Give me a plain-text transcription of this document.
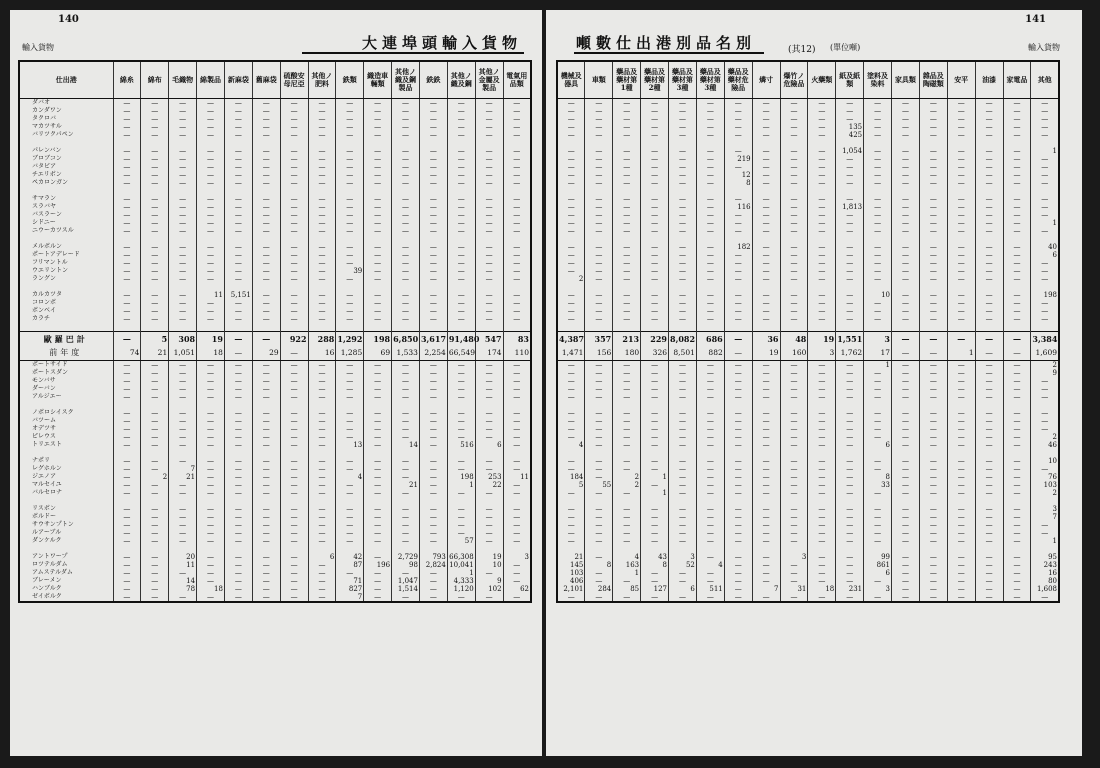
140
輸入貨物	大連埠頭輸入貨物
仕出港	綿糸	綿布	毛織物	綿製品	新麻袋	舊麻袋	硫酸安母尼亞	其他ノ肥料	鉄類	織造車輛類	其他ノ織及鋼製品	鉄鉄	其他ノ織及鋼	其他ノ金屬及製品	電氣用品類
ダバオ	—	—	—	—	—	—	—	—	—	—	—	—	—	—	—
カンダワン	—	—	—	—	—	—	—	—	—	—	—	—	—	—	—
タクロバ	—	—	—	—	—	—	—	—	—	—	—	—	—	—	—
マカツサル	—	—	—	—	—	—	—	—	—	—	—	—	—	—	—
バリツクパペン	—	—	—	—	—	—	—	—	—	—	—	—	—	—	—

パレンバン	—	—	—	—	—	—	—	—	—	—	—	—	—	—	—
ブロブコン	—	—	—	—	—	—	—	—	—	—	—	—	—	—	—
バタビア	—	—	—	—	—	—	—	—	—	—	—	—	—	—	—
チエリボン	—	—	—	—	—	—	—	—	—	—	—	—	—	—	—
ペカロンガン	—	—	—	—	—	—	—	—	—	—	—	—	—	—	—

サマラン	—	—	—	—	—	—	—	—	—	—	—	—	—	—	—
スラバヤ	—	—	—	—	—	—	—	—	—	—	—	—	—	—	—
バスラーン	—	—	—	—	—	—	—	—	—	—	—	—	—	—	—
シドニー	—	—	—	—	—	—	—	—	—	—	—	—	—	—	—
ニウーカツスル	—	—	—	—	—	—	—	—	—	—	—	—	—	—	—

メルボルン	—	—	—	—	—	—	—	—	—	—	—	—	—	—	—
ポートアデレード	—	—	—	—	—	—	—	—	—	—	—	—	—	—	—
フリマントル	—	—	—	—	—	—	—	—	—	—	—	—	—	—	—
ウエリントン	—	—	—	—	—	—	—	—	39	—	—	—	—	—	—
ラングン	—	—	—	—	—	—	—	—	—	—	—	—	—	—	—

カルカツタ	—	—	—	11	5,151	—	—	—	—	—	—	—	—	—	—
コロンボ	—	—	—	—	—	—	—	—	—	—	—	—	—	—	—
ボンベイ	—	—	—	—	—	—	—	—	—	—	—	—	—	—	—
カラチ	—	—	—	—	—	—	—	—	—	—	—	—	—	—	—

歐羅巴計	—	5	308	19	—	—	922	288	1,292	198	6,850	3,617	91,480	547	83
前年度	74	21	1,051	18	—	29	—	16	1,285	69	1,533	2,254	66,549	174	110
ポートサイド	—	—	—	—	—	—	—	—	—	—	—	—	—	—	—
ポートスダン	—	—	—	—	—	—	—	—	—	—	—	—	—	—	—
モンバサ	—	—	—	—	—	—	—	—	—	—	—	—	—	—	—
ダーバン	—	—	—	—	—	—	—	—	—	—	—	—	—	—	—
アルジエー	—	—	—	—	—	—	—	—	—	—	—	—	—	—	—

ノボロシイスク	—	—	—	—	—	—	—	—	—	—	—	—	—	—	—
バツーム	—	—	—	—	—	—	—	—	—	—	—	—	—	—	—
オデツサ	—	—	—	—	—	—	—	—	—	—	—	—	—	—	—
ピレウス	—	—	—	—	—	—	—	—	—	—	—	—	—	—	—
トリエスト	—	—	—	—	—	—	—	—	13	—	14	—	516	6	—

ナポリ	—	—	—	—	—	—	—	—	—	—	—	—	—	—	—
レグホルン	—	—	7	—	—	—	—	—	—	—	—	—	—	—	—
ジエノア	—	2	21	—	—	—	—	—	4	—	—	—	198	253	11
マルセイユ	—	—	—	—	—	—	—	—	—	—	21	—	1	22	—
バルセロナ	—	—	—	—	—	—	—	—	—	—	—	—	—	—	—

リスボン	—	—	—	—	—	—	—	—	—	—	—	—	—	—	—
ボルドー	—	—	—	—	—	—	—	—	—	—	—	—	—	—	—
サウサンプトン	—	—	—	—	—	—	—	—	—	—	—	—	—	—	—
ルアーブル	—	—	—	—	—	—	—	—	—	—	—	—	—	—	—
ダンケルク	—	—	—	—	—	—	—	—	—	—	—	—	57	—	—

アントワープ	—	—	20	—	—	—	—	6	42	—	2,729	793	66,308	19	3
ロツテルダム	—	—	11	—	—	—	—	—	87	196	98	2,824	10,041	10	—
アムステルダム	—	—	—	—	—	—	—	—	—	—	—	—	1	—	—
ブレーメン	—	—	14	—	—	—	—	—	71	—	1,047	—	4,333	9	—
ハンブルク	—	—	78	18	—	—	—	—	827	—	1,514	—	1,120	102	62
ゼイボルク	—	—	—	—	—	—	—	—	7	—	—	—	—	—	—
141
輸入貨物
噸數仕出港別品名別	(其12) (單位噸)
機械及器具	車類	藥品及藥材第1種	藥品及藥材第2種	藥品及藥材第3種	藥品及藥材第3種	藥品及藥材危險品	燐寸	爆竹ノ危險品	火藥類	紙及紙類	塗料及染料	家具類	雜品及陶磁類	安平	油漆	家電品	其他
—	—	—	—	—	—	—	—	—	—	—	—	—	—	—	—	—	—
—	—	—	—	—	—	—	—	—	—	—	—	—	—	—	—	—	—
—	—	—	—	—	—	—	—	—	—	—	—	—	—	—	—	—	—
—	—	—	—	—	—	—	—	—	—	135	—	—	—	—	—	—	—
—	—	—	—	—	—	—	—	—	—	425	—	—	—	—	—	—	—

—	—	—	—	—	—	—	—	—	—	1,054	—	—	—	—	—	—	1
—	—	—	—	—	—	219	—	—	—	—	—	—	—	—	—	—	—
—	—	—	—	—	—	—	—	—	—	—	—	—	—	—	—	—	—
—	—	—	—	—	—	12	—	—	—	—	—	—	—	—	—	—	—
—	—	—	—	—	—	8	—	—	—	—	—	—	—	—	—	—	—

—	—	—	—	—	—	—	—	—	—	—	—	—	—	—	—	—	—
—	—	—	—	—	—	116	—	—	—	1,813	—	—	—	—	—	—	—
—	—	—	—	—	—	—	—	—	—	—	—	—	—	—	—	—	—
—	—	—	—	—	—	—	—	—	—	—	—	—	—	—	—	—	1
—	—	—	—	—	—	—	—	—	—	—	—	—	—	—	—	—	—

—	—	—	—	—	—	182	—	—	—	—	—	—	—	—	—	—	40
—	—	—	—	—	—	—	—	—	—	—	—	—	—	—	—	—	6
—	—	—	—	—	—	—	—	—	—	—	—	—	—	—	—	—	—
—	—	—	—	—	—	—	—	—	—	—	—	—	—	—	—	—	—
2	—	—	—	—	—	—	—	—	—	—	—	—	—	—	—	—	—

—	—	—	—	—	—	—	—	—	—	—	10	—	—	—	—	—	198
—	—	—	—	—	—	—	—	—	—	—	—	—	—	—	—	—	—
—	—	—	—	—	—	—	—	—	—	—	—	—	—	—	—	—	—
—	—	—	—	—	—	—	—	—	—	—	—	—	—	—	—	—	—

4,387	357	213	229	8,082	686	—	36	48	19	1,551	3	—	—	—	—	—	3,384
1,471	156	180	326	8,501	882	—	19	160	3	1,762	17	—	—	1	—	—	1,609
—	—	—	—	—	—	—	—	—	—	—	1	—	—	—	—	—	2
—	—	—	—	—	—	—	—	—	—	—	—	—	—	—	—	—	9
—	—	—	—	—	—	—	—	—	—	—	—	—	—	—	—	—	—
—	—	—	—	—	—	—	—	—	—	—	—	—	—	—	—	—	—
—	—	—	—	—	—	—	—	—	—	—	—	—	—	—	—	—	—

—	—	—	—	—	—	—	—	—	—	—	—	—	—	—	—	—	—
—	—	—	—	—	—	—	—	—	—	—	—	—	—	—	—	—	—
—	—	—	—	—	—	—	—	—	—	—	—	—	—	—	—	—	—
—	—	—	—	—	—	—	—	—	—	—	—	—	—	—	—	—	2
4	—	—	—	—	—	—	—	—	—	—	6	—	—	—	—	—	46

—	—	—	—	—	—	—	—	—	—	—	—	—	—	—	—	—	10
—	—	—	—	—	—	—	—	—	—	—	—	—	—	—	—	—	—
184	—	2	1	—	—	—	—	—	—	—	8	—	—	—	—	—	76
5	55	2	—	—	—	—	—	—	—	—	33	—	—	—	—	—	103
—	—	—	1	—	—	—	—	—	—	—	—	—	—	—	—	—	2

—	—	—	—	—	—	—	—	—	—	—	—	—	—	—	—	—	3
—	—	—	—	—	—	—	—	—	—	—	—	—	—	—	—	—	7
—	—	—	—	—	—	—	—	—	—	—	—	—	—	—	—	—	—
—	—	—	—	—	—	—	—	—	—	—	—	—	—	—	—	—	—
—	—	—	—	—	—	—	—	—	—	—	—	—	—	—	—	—	1

21	—	4	43	3	—	—	—	3	—	—	99	—	—	—	—	—	95
145	8	163	8	52	4	—	—	—	—	—	861	—	—	—	—	—	243
103	—	1	—	—	—	—	—	—	—	—	6	—	—	—	—	—	16
406	—	—	—	—	—	—	—	—	—	—	—	—	—	—	—	—	80
2,101	284	85	127	6	511	—	7	31	18	231	3	—	—	—	—	—	1,608
—	—	—	—	—	—	—	—	—	—	—	—	—	—	—	—	—	—
